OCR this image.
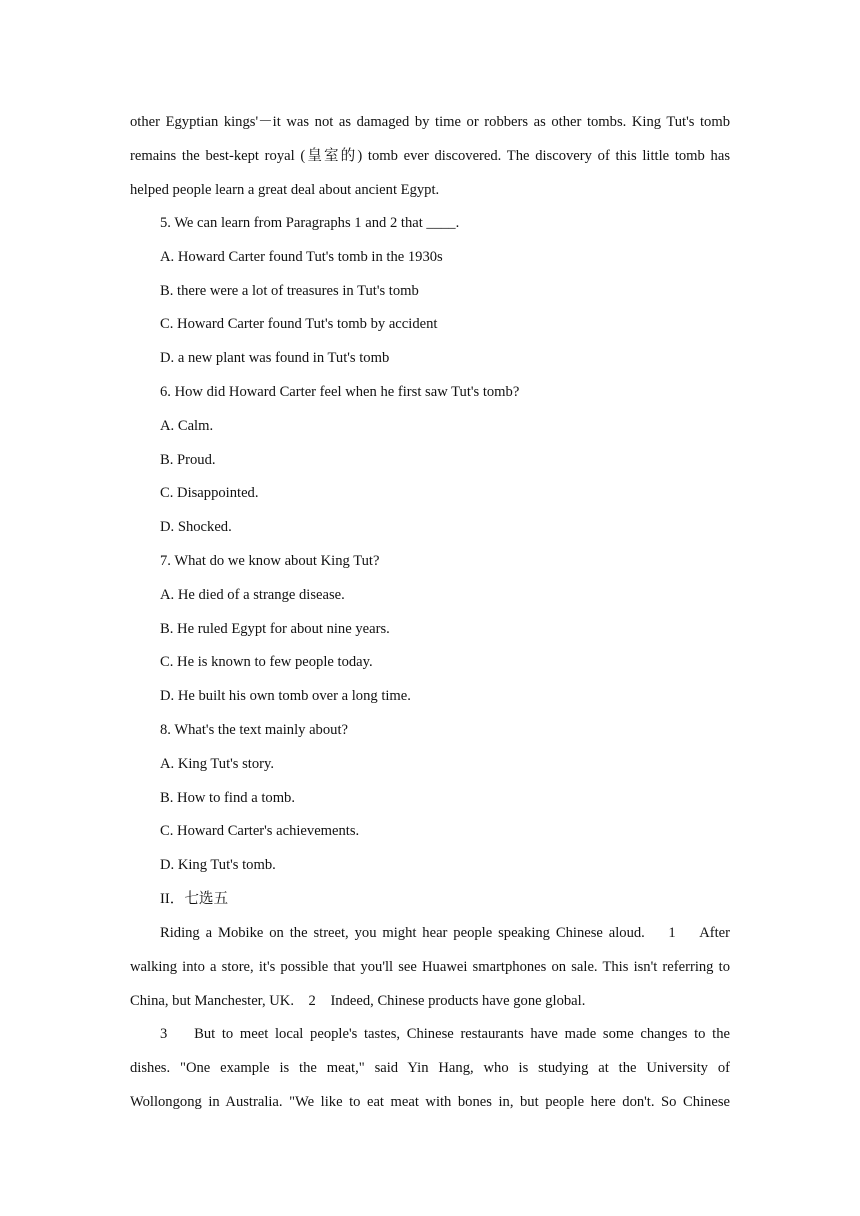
other Egyptian kings'－it was not as damaged by time or robbers as other tombs. King Tut's tomb
remains the best-kept royal (皇室的) tomb ever discovered. The discovery of this little tomb has
helped people learn a great deal about ancient Egypt.
5. We can learn from Paragraphs 1 and 2 that ____.
A. Howard Carter found Tut's tomb in the 1930s
B. there were a lot of treasures in Tut's tomb
C. Howard Carter found Tut's tomb by accident
D. a new plant was found in Tut's tomb
6. How did Howard Carter feel when he first saw Tut's tomb?
A. Calm.
B. Proud.
C. Disappointed.
D. Shocked.
7. What do we know about King Tut?
A. He died of a strange disease.
B. He ruled Egypt for about nine years.
C. He is known to few people today.
D. He built his own tomb over a long time.
8. What's the text mainly about?
A. King Tut's story.
B. How to find a tomb.
C. Howard Carter's achievements.
D. King Tut's tomb.
II．七选五
Riding a Mobike on the street, you might hear people speaking Chinese aloud.    1    After
walking into a store, it's possible that you'll see Huawei smartphones on sale. This isn't referring to
China, but Manchester, UK.    2    Indeed, Chinese products have gone global.
3    But to meet local people's tastes, Chinese restaurants have made some changes to the
dishes. "One example is the meat," said Yin Hang, who is studying at the University of
Wollongong in Australia. "We like to eat meat with bones in, but people here don't. So Chinese
